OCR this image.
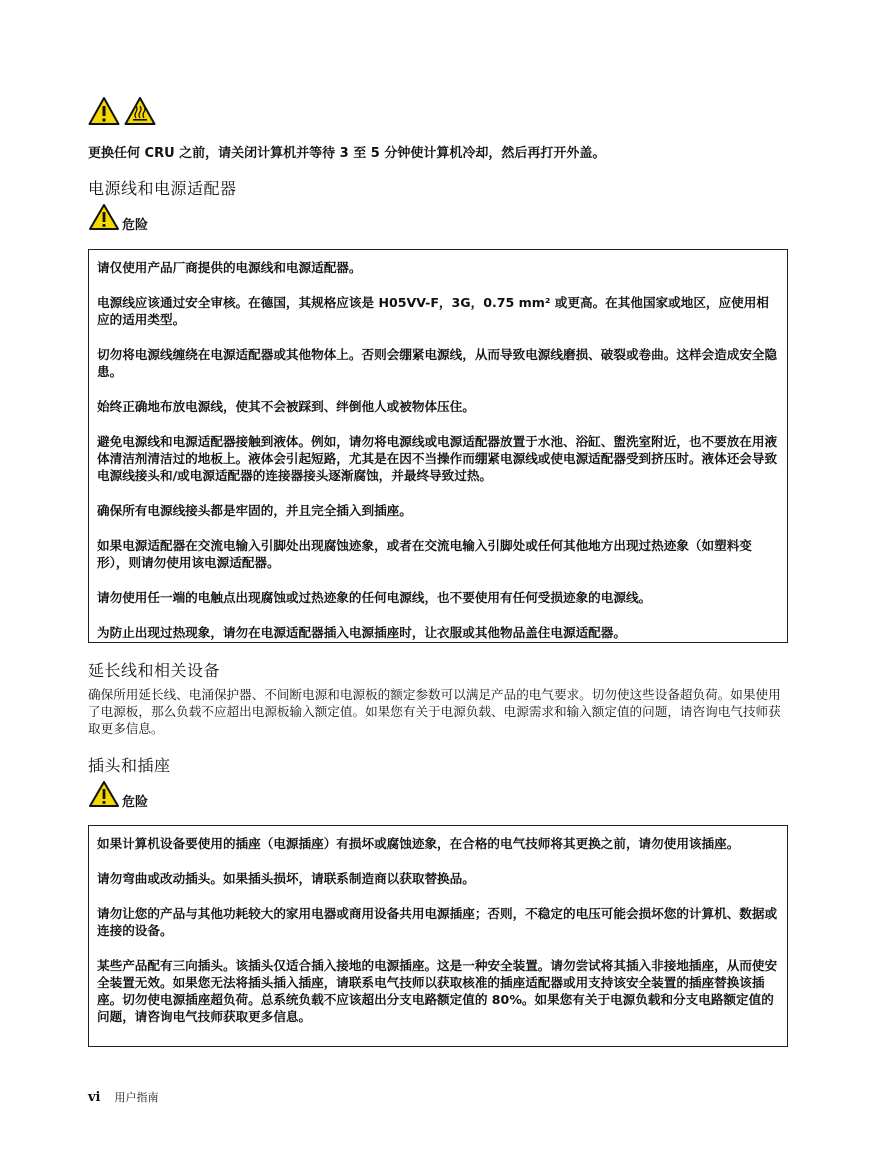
更换任何 CRU 之前，请关闭计算机并等待 3 至 5 分钟使计算机冷却，然后再打开外盖。
电源线和电源适配器
危险

请仅使用产品厂商提供的电源线和电源适配器。

电源线应该通过安全审核。在德国，其规格应该是 H05VV-F，3G，0.75 mm² 或更高。在其他国家或地区，应使用相应的适用类型。

切勿将电源线缠绕在电源适配器或其他物体上。否则会绷紧电源线，从而导致电源线磨损、破裂或卷曲。这样会造成安全隐患。

始终正确地布放电源线，使其不会被踩到、绊倒他人或被物体压住。

避免电源线和电源适配器接触到液体。例如，请勿将电源线或电源适配器放置于水池、浴缸、盥洗室附近，也不要放在用液体清洁剂清洁过的地板上。液体会引起短路，尤其是在因不当操作而绷紧电源线或使电源适配器受到挤压时。液体还会导致电源线接头和/或电源适配器的连接器接头逐渐腐蚀，并最终导致过热。

确保所有电源线接头都是牢固的，并且完全插入到插座。

如果电源适配器在交流电输入引脚处出现腐蚀迹象，或者在交流电输入引脚处或任何其他地方出现过热迹象（如塑料变形），则请勿使用该电源适配器。

请勿使用任一端的电触点出现腐蚀或过热迹象的任何电源线，也不要使用有任何受损迹象的电源线。

为防止出现过热现象，请勿在电源适配器插入电源插座时，让衣服或其他物品盖住电源适配器。

延长线和相关设备

确保所用延长线、电涌保护器、不间断电源和电源板的额定参数可以满足产品的电气要求。切勿使这些设备超负荷。如果使用了电源板，那么负载不应超出电源板输入额定值。如果您有关于电源负载、电源需求和输入额定值的问题，请咨询电气技师获取更多信息。

插头和插座
危险

如果计算机设备要使用的插座（电源插座）有损坏或腐蚀迹象，在合格的电气技师将其更换之前，请勿使用该插座。

请勿弯曲或改动插头。如果插头损坏，请联系制造商以获取替换品。

请勿让您的产品与其他功耗较大的家用电器或商用设备共用电源插座；否则，不稳定的电压可能会损坏您的计算机、数据或连接的设备。

某些产品配有三向插头。该插头仅适合插入接地的电源插座。这是一种安全装置。请勿尝试将其插入非接地插座，从而使安全装置无效。如果您无法将插头插入插座，请联系电气技师以获取核准的插座适配器或用支持该安全装置的插座替换该插座。切勿使电源插座超负荷。总系统负载不应该超出分支电路额定值的 80%。如果您有关于电源负载和分支电路额定值的问题，请咨询电气技师获取更多信息。

vi 用户指南
